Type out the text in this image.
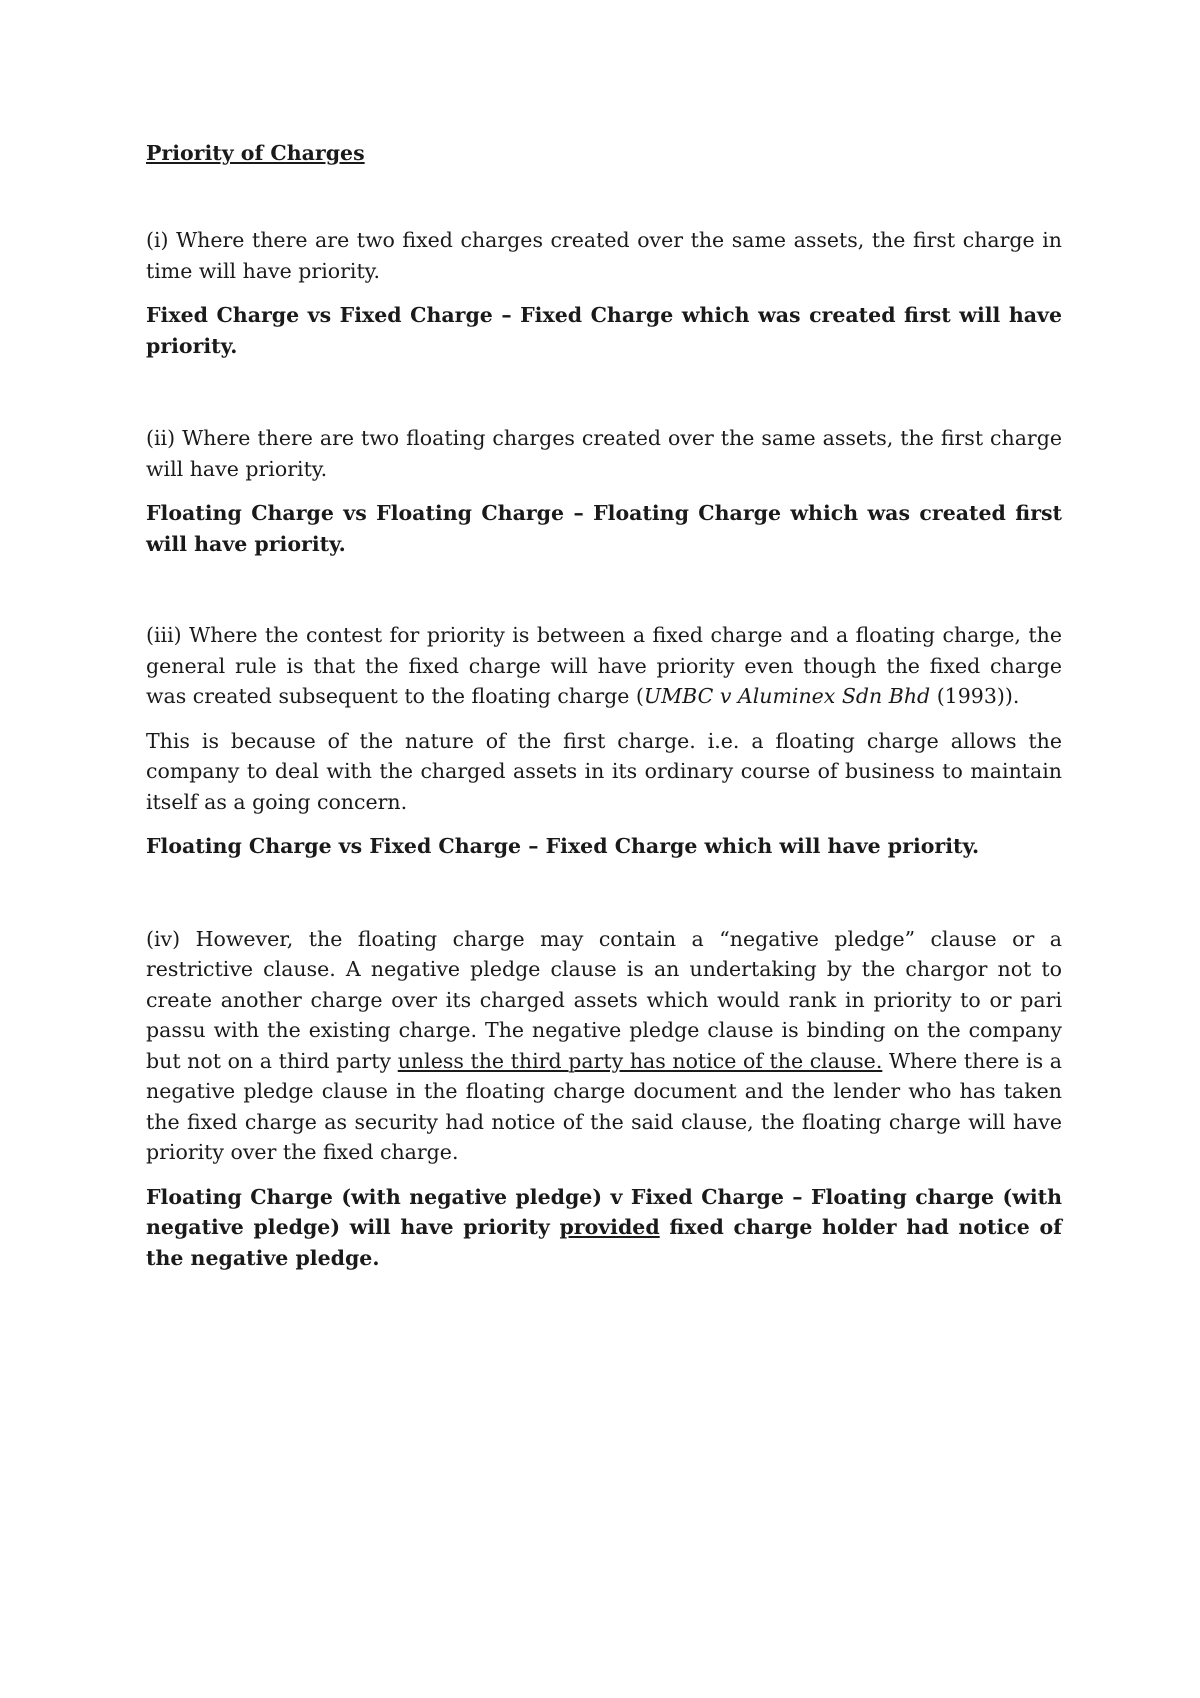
Priority of Charges

(i) Where there are two fixed charges created over the same assets, the first charge in time will have priority.

Fixed Charge vs Fixed Charge – Fixed Charge which was created first will have priority.

(ii) Where there are two floating charges created over the same assets, the first charge will have priority.

Floating Charge vs Floating Charge – Floating Charge which was created first will have priority.

(iii) Where the contest for priority is between a fixed charge and a floating charge, the general rule is that the fixed charge will have priority even though the fixed charge was created subsequent to the floating charge (UMBC v Aluminex Sdn Bhd (1993)).

This is because of the nature of the first charge. i.e. a floating charge allows the company to deal with the charged assets in its ordinary course of business to maintain itself as a going concern.

Floating Charge vs Fixed Charge – Fixed Charge which will have priority.

(iv) However, the floating charge may contain a “negative pledge” clause or a restrictive clause. A negative pledge clause is an undertaking by the chargor not to create another charge over its charged assets which would rank in priority to or pari passu with the existing charge. The negative pledge clause is binding on the company but not on a third party unless the third party has notice of the clause. Where there is a negative pledge clause in the floating charge document and the lender who has taken the fixed charge as security had notice of the said clause, the floating charge will have priority over the fixed charge.

Floating Charge (with negative pledge) v Fixed Charge – Floating charge (with negative pledge) will have priority provided fixed charge holder had notice of the negative pledge.
